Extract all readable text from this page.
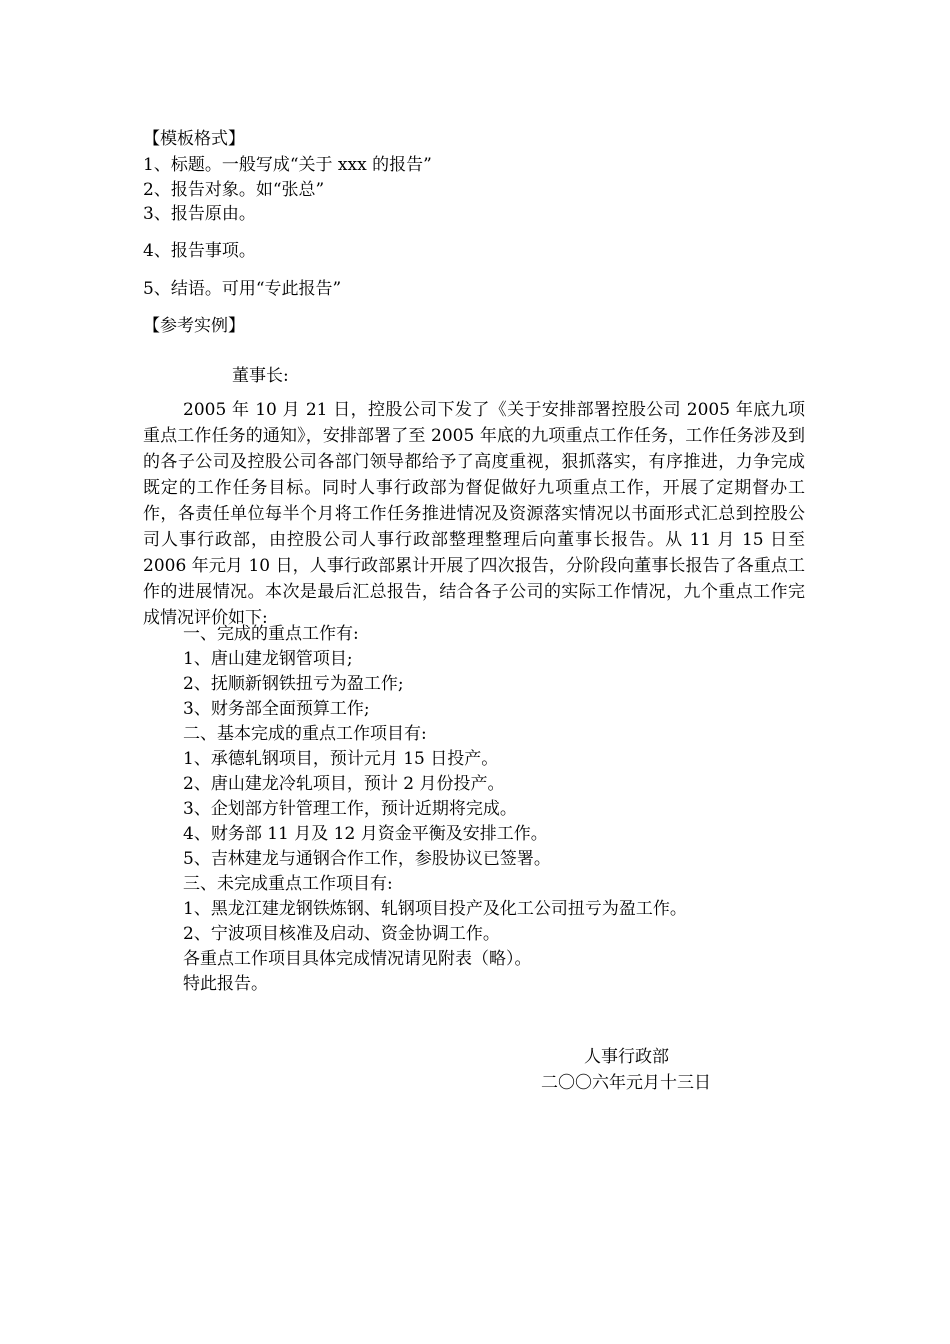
【模板格式】
1、标题。一般写成“关于 xxx 的报告”
2、报告对象。如“张总”
3、报告原由。
4、报告事项。
5、结语。可用“专此报告”
【参考实例】
董事长:

2005 年 10 月 21 日，控股公司下发了《关于安排部署控股公司 2005 年底九项重点工作任务的通知》，安排部署了至 2005 年底的九项重点工作任务，工作任务涉及到的各子公司及控股公司各部门领导都给予了高度重视，狠抓落实，有序推进，力争完成既定的工作任务目标。同时人事行政部为督促做好九项重点工作，开展了定期督办工作，各责任单位每半个月将工作任务推进情况及资源落实情况以书面形式汇总到控股公司人事行政部，由控股公司人事行政部整理整理后向董事长报告。从 11 月 15 日至 2006 年元月 10 日，人事行政部累计开展了四次报告，分阶段向董事长报告了各重点工作的进展情况。本次是最后汇总报告，结合各子公司的实际工作情况，九个重点工作完成情况评价如下:

一、完成的重点工作有:
1、唐山建龙钢管项目;
2、抚顺新钢铁扭亏为盈工作;
3、财务部全面预算工作;
二、基本完成的重点工作项目有:
1、承德轧钢项目，预计元月 15 日投产。
2、唐山建龙冷轧项目，预计 2 月份投产。
3、企划部方针管理工作，预计近期将完成。
4、财务部 11 月及 12 月资金平衡及安排工作。
5、吉林建龙与通钢合作工作，参股协议已签署。
三、未完成重点工作项目有:
1、黑龙江建龙钢铁炼钢、轧钢项目投产及化工公司扭亏为盈工作。
2、宁波项目核准及启动、资金协调工作。
各重点工作项目具体完成情况请见附表（略）。
特此报告。
人事行政部
二〇〇六年元月十三日
